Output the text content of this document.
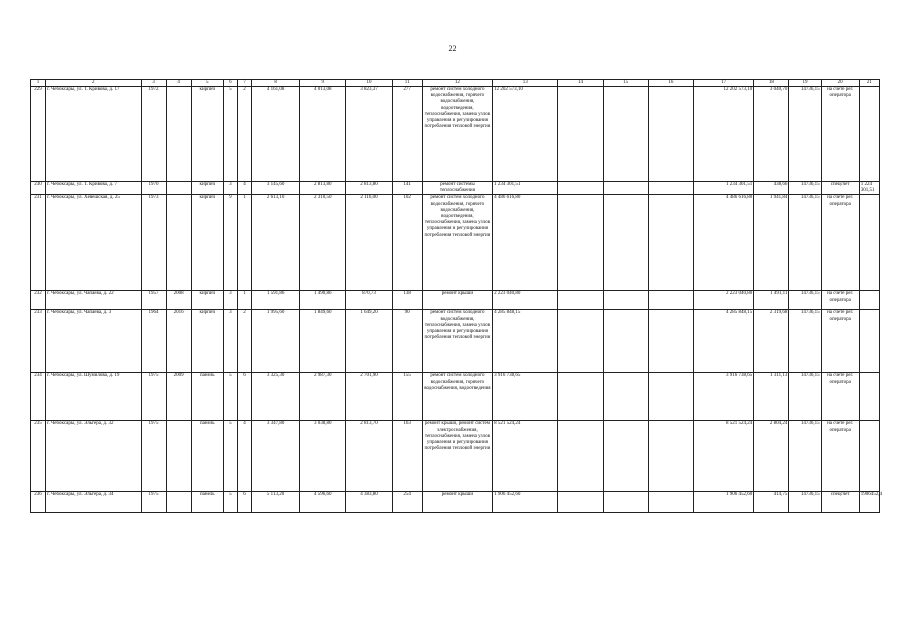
22
1	2	3	4	5	6	7	8	9	10	11	12	13	14	15	16	17	18	19	20	21
229	г. Чебоксары, ул. Т. Кривова, д. 17	1972		кирпич	5	2	4 161,08	4 013,08	3 823,37	277	ремонт систем холодного водоснабжения, горячего водоснабжения, водоотведения, теплоснабжения, замена узлов управления и регулирования потребления тепловой энергии	12 202 573,10				12 202 573,10	3 040,70	14736,15	на счете рег. оператора	
230	г. Чебоксары, ул. Т. Кривова, д. 7	1970		кирпич	3	4	3 145,60	2 813,80	2 813,80	141	ремонт системы теплоснабжения	1 234 301,51				1 234 301,51	438,66	14736,15	спецсчет	1 224 301,51
231	г. Чебоксары, ул. Хевешская, д. 25	1973		кирпич	9	1	2 613,10	2 310,50	2 116,00	102	ремонт систем холодного водоснабжения, горячего водоснабжения, водоотведения, теплоснабжения, замена узлов управления и регулирования потребления тепловой энергии	4 486 616,80				4 486 616,80	1 941,84	14736,15	на счете рег. оператора	
232	г. Чебоксары, ул. Чапаева, д. 22	1957	2008	кирпич	3	1	1 591,86	1 490,86	870,73	138	ремонт крыши	2 223 040,80				2 223 040,80	1 491,11	14736,15	на счете рег. оператора	
233	г. Чебоксары, ул. Чапаева, д. 3	1964	2016	кирпич	3	2	1 995,60	1 849,60	1 649,20	90	ремонт систем холодного водоснабжения, теплоснабжения, замена узлов управления и регулирования потребления тепловой энергии	4 285 848,15				4 285 848,15	2 319,68	14736,15	на счете рег. оператора	
234	г. Чебоксары, ул. Шумилова, д. 19	1975	2009	панель	5	6	3 325,30	2 987,30	2 701,90	155	ремонт систем холодного водоснабжения, горячего водоснабжения, водоотведения	3 916 738,65				3 916 738,65	1 311,13	14736,15	на счете рег. оператора	
235	г. Чебоксары, ул. Эльгера, д. 32	1975		панель	5	4	3 347,80	3 038,80	2 813,70	163	ремонт крыши, ремонт систем электроснабжения, теплоснабжения, замена узлов управления и регулирования потребления тепловой энергии	8 521 524,24				8 521 524,24	2 804,24	14736,15	на счете рег. оператора	
236	г. Чебоксары, ул. Эльгера, д. 34	1975		панель	5	6	5 113,20	4 596,60	4 383,80	254	ремонт крыши	1 906 452,60				1 906 452,60	414,75	14736,15	спецсчет	1906452,4
